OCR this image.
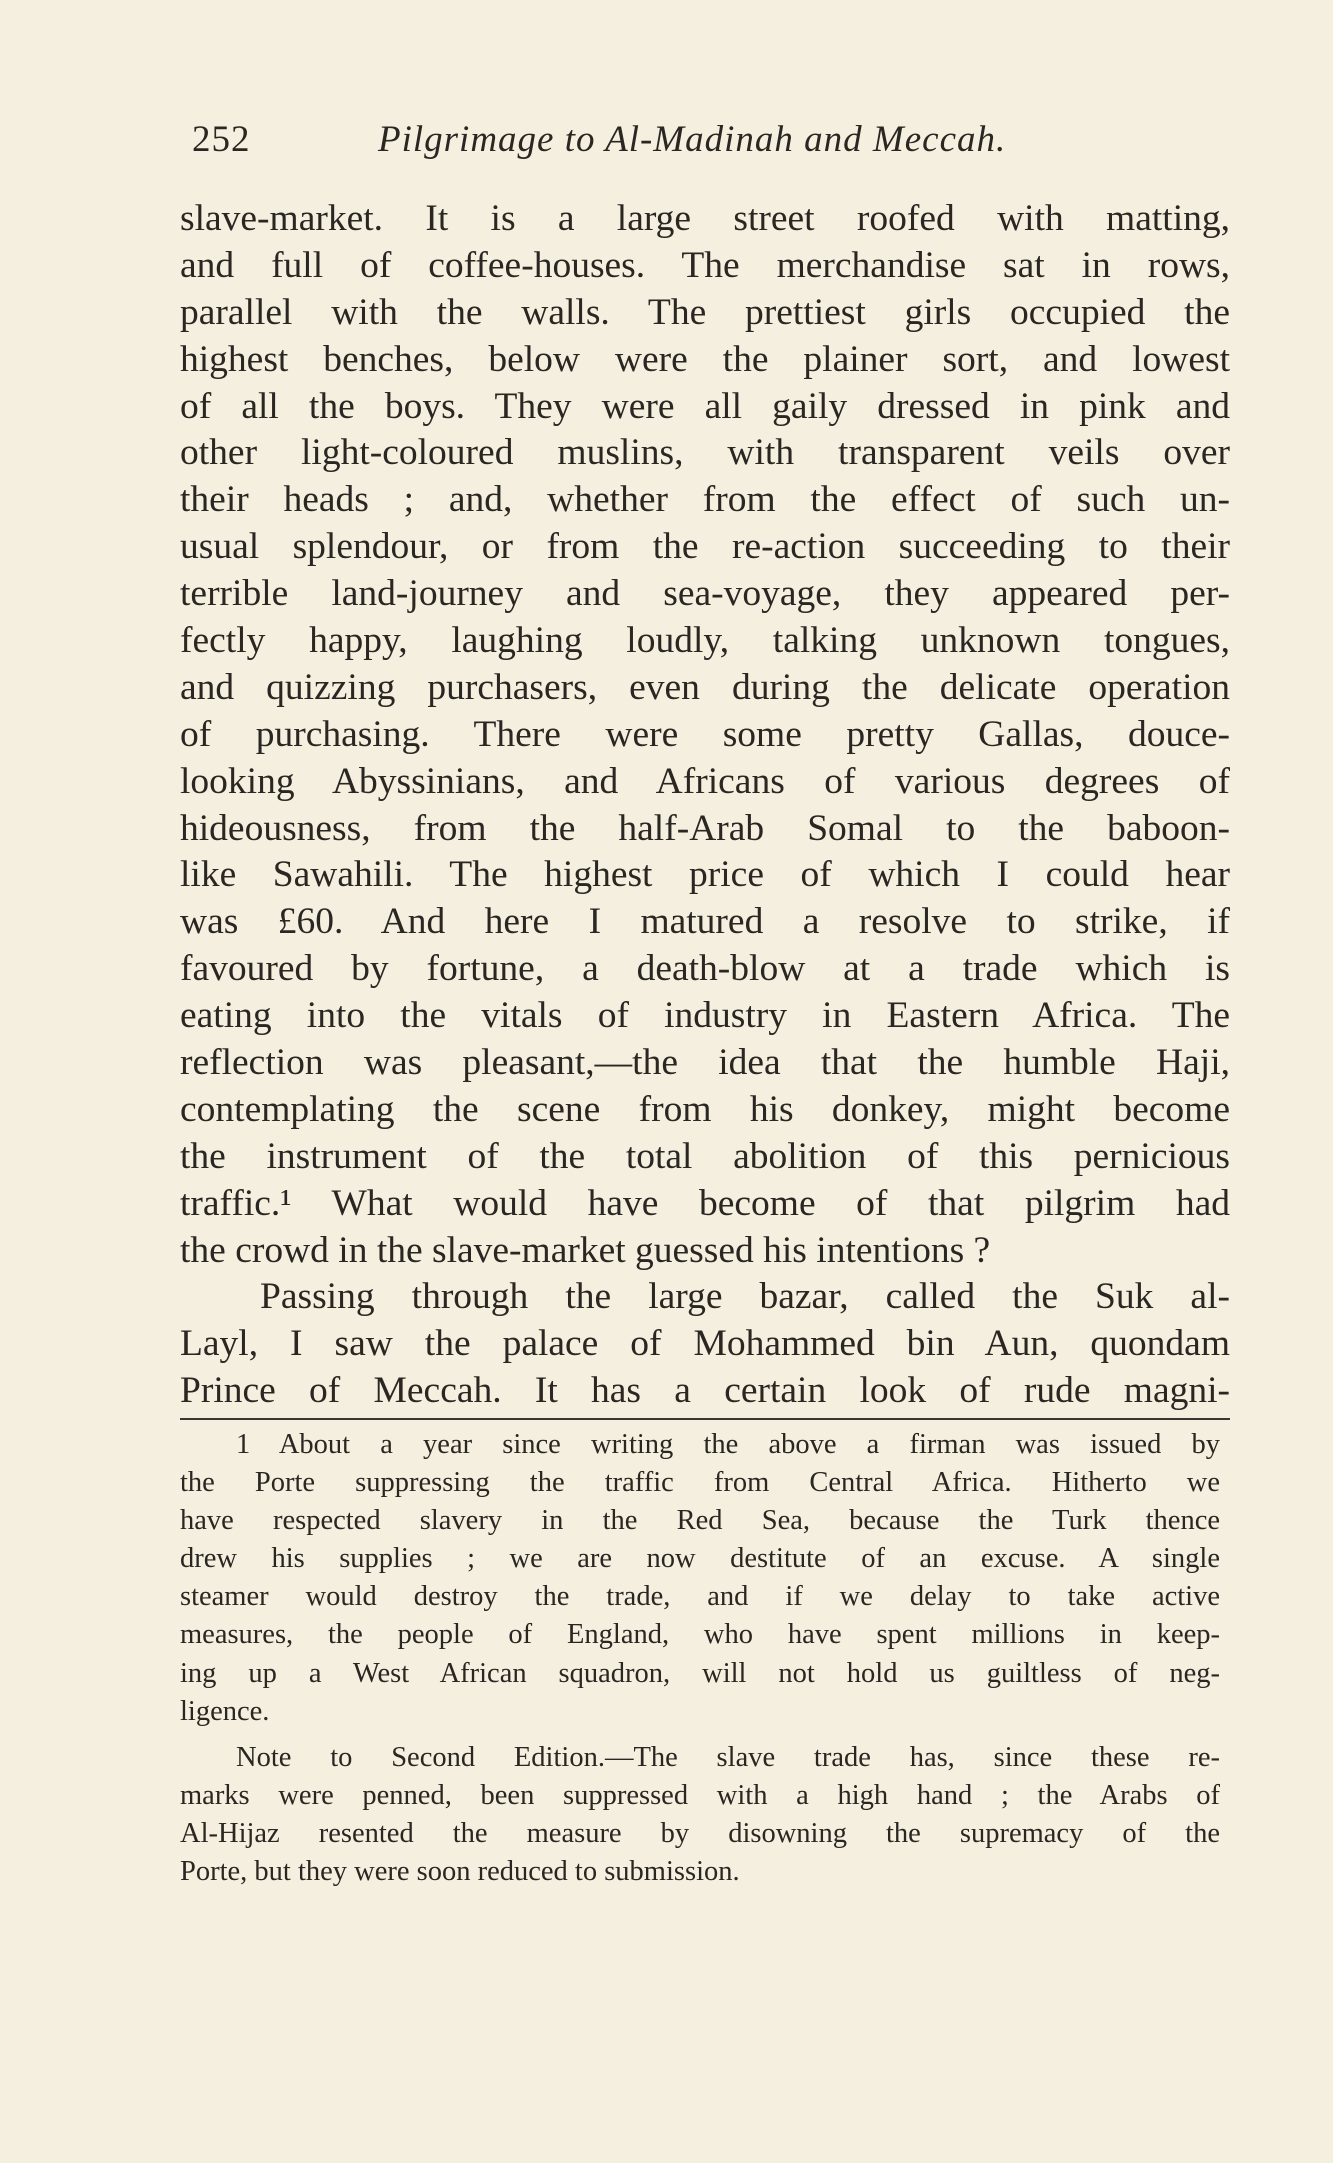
252	Pilgrimage to Al-Madinah and Meccah.
slave-market. It is a large street roofed with matting,
and full of coffee-houses. The merchandise sat in rows,
parallel with the walls. The prettiest girls occupied the
highest benches, below were the plainer sort, and lowest
of all the boys. They were all gaily dressed in pink and
other light-coloured muslins, with transparent veils over
their heads ; and, whether from the effect of such un-
usual splendour, or from the re-action succeeding to their
terrible land-journey and sea-voyage, they appeared per-
fectly happy, laughing loudly, talking unknown tongues,
and quizzing purchasers, even during the delicate operation
of purchasing. There were some pretty Gallas, douce-
looking Abyssinians, and Africans of various degrees of
hideousness, from the half-Arab Somal to the baboon-
like Sawahili. The highest price of which I could hear
was £60. And here I matured a resolve to strike, if
favoured by fortune, a death-blow at a trade which is
eating into the vitals of industry in Eastern Africa. The
reflection was pleasant,—the idea that the humble Haji,
contemplating the scene from his donkey, might become
the instrument of the total abolition of this pernicious
traffic.¹ What would have become of that pilgrim had
the crowd in the slave-market guessed his intentions ?
Passing through the large bazar, called the Suk al-
Layl, I saw the palace of Mohammed bin Aun, quondam
Prince of Meccah. It has a certain look of rude magni-
1 About a year since writing the above a firman was issued by
the Porte suppressing the traffic from Central Africa. Hitherto we
have respected slavery in the Red Sea, because the Turk thence
drew his supplies ; we are now destitute of an excuse. A single
steamer would destroy the trade, and if we delay to take active
measures, the people of England, who have spent millions in keep-
ing up a West African squadron, will not hold us guiltless of neg-
ligence.
Note to Second Edition.—The slave trade has, since these re-
marks were penned, been suppressed with a high hand ; the Arabs of
Al-Hijaz resented the measure by disowning the supremacy of the
Porte, but they were soon reduced to submission.
